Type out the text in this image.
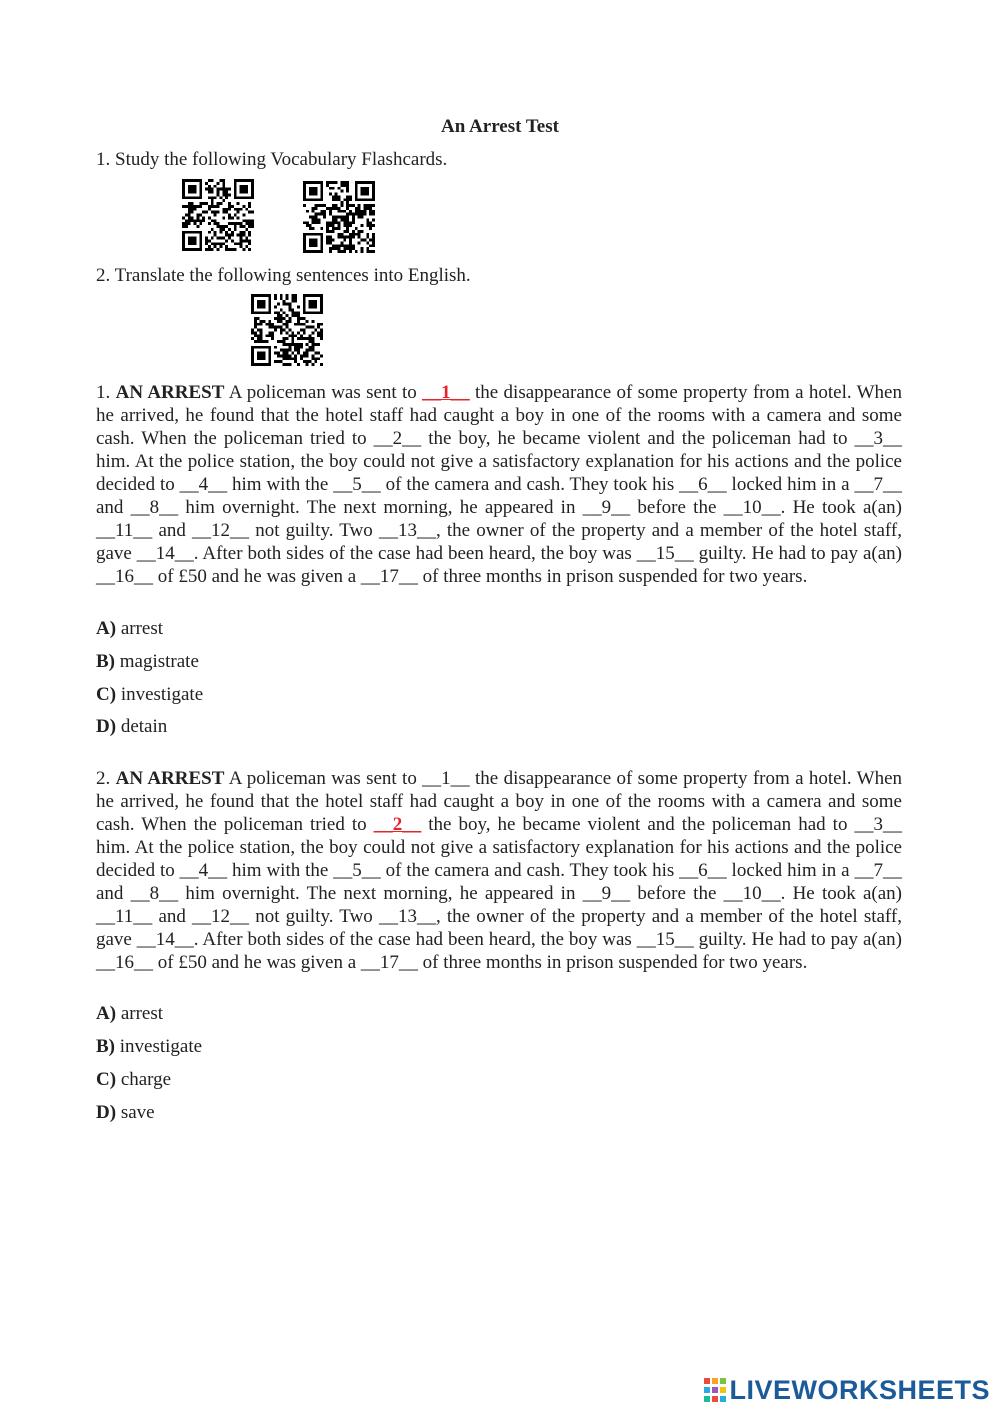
An Arrest Test
1. Study the following Vocabulary Flashcards.
2. Translate the following sentences into English.
1. AN ARREST A policeman was sent to __1__ the disappearance of some property from a hotel. When he arrived, he found that the hotel staff had caught a boy in one of the rooms with a camera and some cash. When the policeman tried to __2__ the boy, he became violent and the policeman had to __3__ him. At the police station, the boy could not give a satisfactory explanation for his actions and the police decided to __4__ him with the __5__ of the camera and cash. They took his __6__ locked him in a __7__ and __8__ him overnight. The next morning, he appeared in __9__ before the __10__. He took a(an) __11__ and __12__ not guilty. Two __13__, the owner of the property and a member of the hotel staff, gave __14__. After both sides of the case had been heard, the boy was __15__ guilty. He had to pay a(an) __16__ of £50 and he was given a __17__ of three months in prison suspended for two years.
A) arrest
B) magistrate
C) investigate
D) detain
2. AN ARREST A policeman was sent to __1__ the disappearance of some property from a hotel. When he arrived, he found that the hotel staff had caught a boy in one of the rooms with a camera and some cash. When the policeman tried to __2__ the boy, he became violent and the policeman had to __3__ him. At the police station, the boy could not give a satisfactory explanation for his actions and the police decided to __4__ him with the __5__ of the camera and cash. They took his __6__ locked him in a __7__ and __8__ him overnight. The next morning, he appeared in __9__ before the __10__. He took a(an) __11__ and __12__ not guilty. Two __13__, the owner of the property and a member of the hotel staff, gave __14__. After both sides of the case had been heard, the boy was __15__ guilty. He had to pay a(an) __16__ of £50 and he was given a __17__ of three months in prison suspended for two years.
A) arrest
B) investigate
C) charge
D) save
LIVEWORKSHEETS
